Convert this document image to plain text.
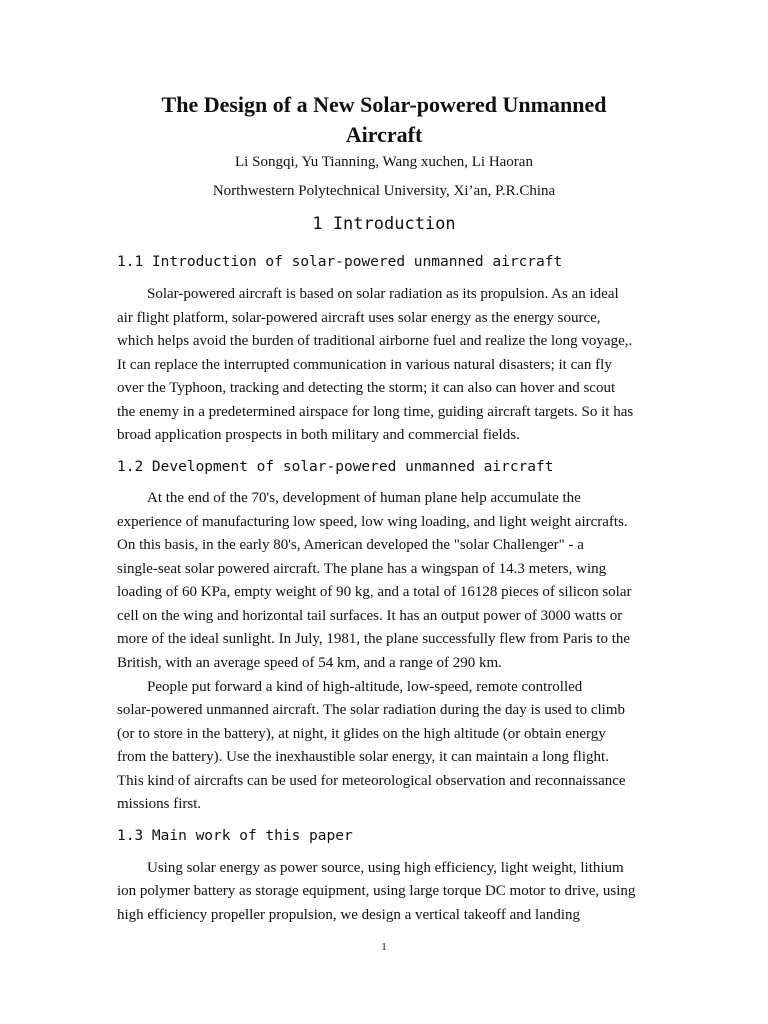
The Design of a New Solar-powered Unmanned
Aircraft
Li Songqi, Yu Tianning, Wang xuchen, Li Haoran
Northwestern Polytechnical University, Xi’an, P.R.China
1 Introduction
1.1 Introduction of solar-powered unmanned aircraft
Solar-powered aircraft is based on solar radiation as its propulsion. As an ideal
air flight platform, solar-powered aircraft uses solar energy as the energy source,
which helps avoid the burden of traditional airborne fuel and realize the long voyage,.
It can replace the interrupted communication in various natural disasters; it can fly
over the Typhoon, tracking and detecting the storm; it can also can hover and scout
the enemy in a predetermined airspace for long time, guiding aircraft targets. So it has
broad application prospects in both military and commercial fields.
1.2 Development of solar-powered unmanned aircraft
At the end of the 70's, development of human plane help accumulate the
experience of manufacturing low speed, low wing loading, and light weight aircrafts.
On this basis, in the early 80's, American developed the "solar Challenger" - a
single-seat solar powered aircraft. The plane has a wingspan of 14.3 meters, wing
loading of 60 KPa, empty weight of 90 kg, and a total of 16128 pieces of silicon solar
cell on the wing and horizontal tail surfaces. It has an output power of 3000 watts or
more of the ideal sunlight. In July, 1981, the plane successfully flew from Paris to the
British, with an average speed of 54 km, and a range of 290 km.
People put forward a kind of high-altitude, low-speed, remote controlled
solar-powered unmanned aircraft. The solar radiation during the day is used to climb
(or to store in the battery), at night, it glides on the high altitude (or obtain energy
from the battery). Use the inexhaustible solar energy, it can maintain a long flight.
This kind of aircrafts can be used for meteorological observation and reconnaissance
missions first.
1.3 Main work of this paper
Using solar energy as power source, using high efficiency, light weight, lithium
ion polymer battery as storage equipment, using large torque DC motor to drive, using
high efficiency propeller propulsion, we design a vertical takeoff and landing
1
